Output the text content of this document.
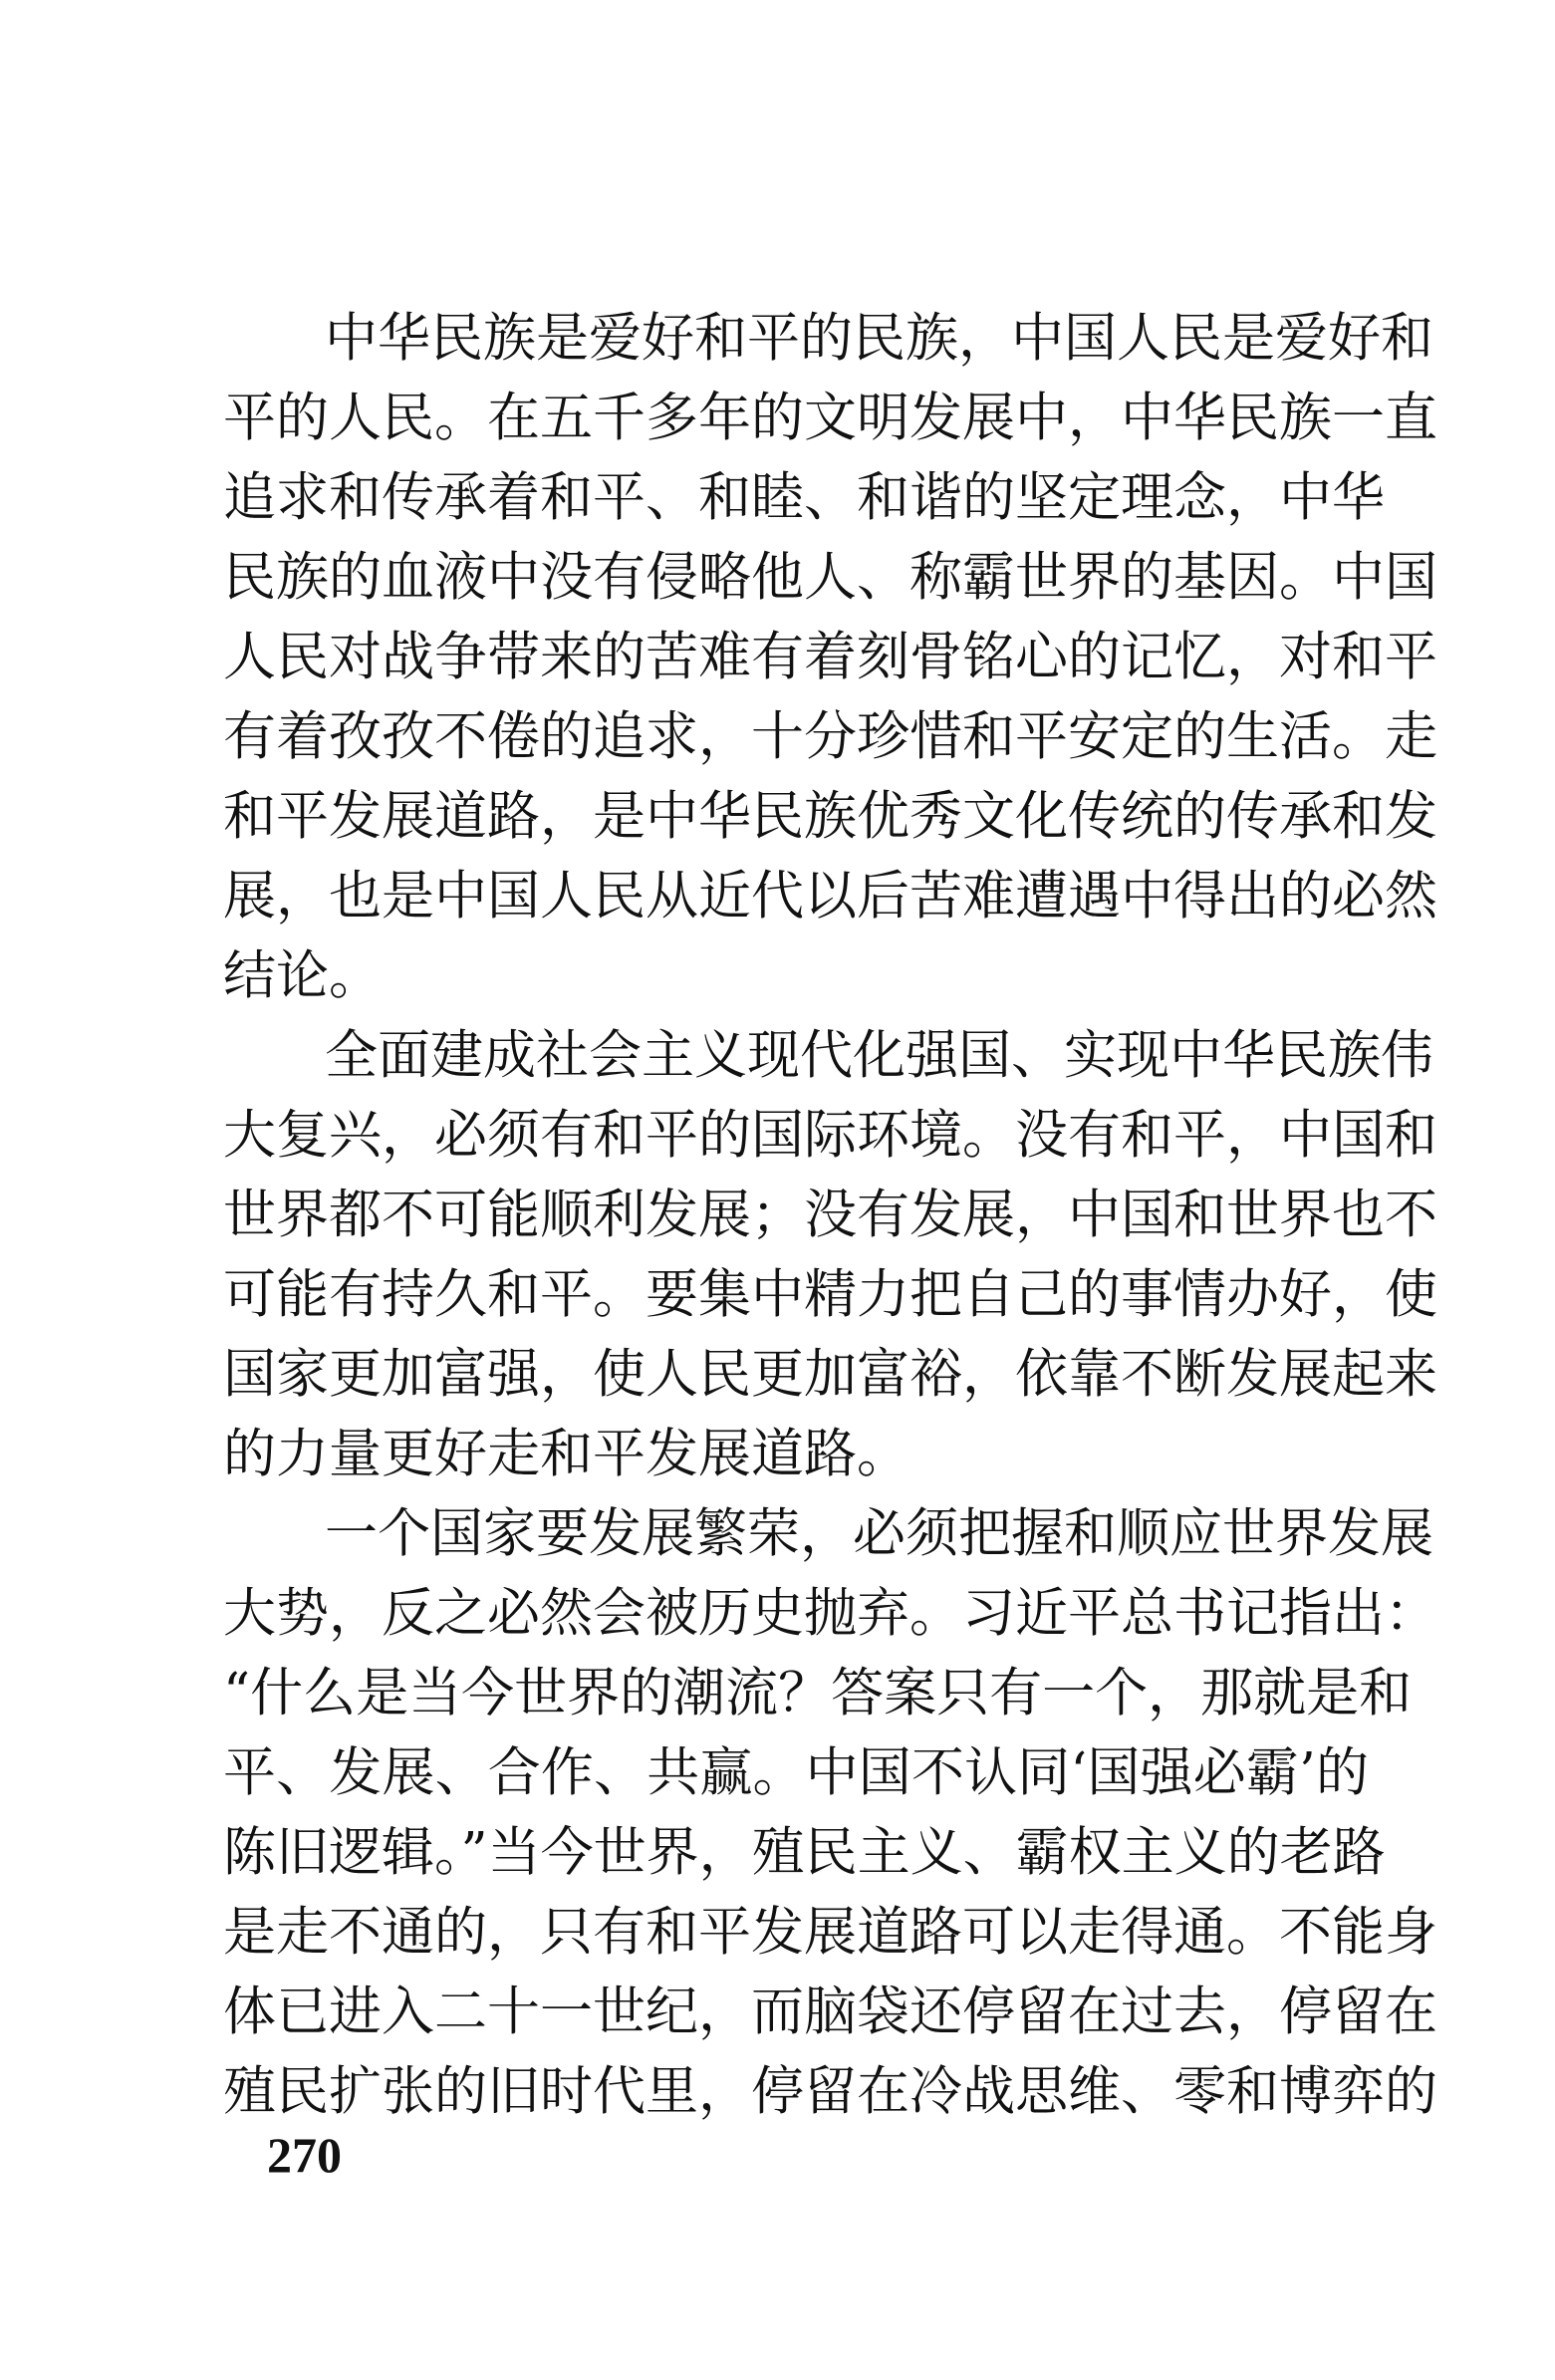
中华民族是爱好和平的民族，中国人民是爱好和
平的人民。在五千多年的文明发展中，中华民族一直
追求和传承着和平、和睦、和谐的坚定理念，中华
民族的血液中没有侵略他人、称霸世界的基因。中国
人民对战争带来的苦难有着刻骨铭心的记忆，对和平
有着孜孜不倦的追求，十分珍惜和平安定的生活。走
和平发展道路，是中华民族优秀文化传统的传承和发
展，也是中国人民从近代以后苦难遭遇中得出的必然
结论。
全面建成社会主义现代化强国、实现中华民族伟
大复兴，必须有和平的国际环境。没有和平，中国和
世界都不可能顺利发展；没有发展，中国和世界也不
可能有持久和平。要集中精力把自己的事情办好，使
国家更加富强，使人民更加富裕，依靠不断发展起来
的力量更好走和平发展道路。
一个国家要发展繁荣，必须把握和顺应世界发展
大势，反之必然会被历史抛弃。习近平总书记指出：
“什么是当今世界的潮流？答案只有一个，那就是和
平、发展、合作、共赢。中国不认同‘国强必霸’的
陈旧逻辑。”当今世界，殖民主义、霸权主义的老路
是走不通的，只有和平发展道路可以走得通。不能身
体已进入二十一世纪，而脑袋还停留在过去，停留在
殖民扩张的旧时代里，停留在冷战思维、零和博弈的
270
